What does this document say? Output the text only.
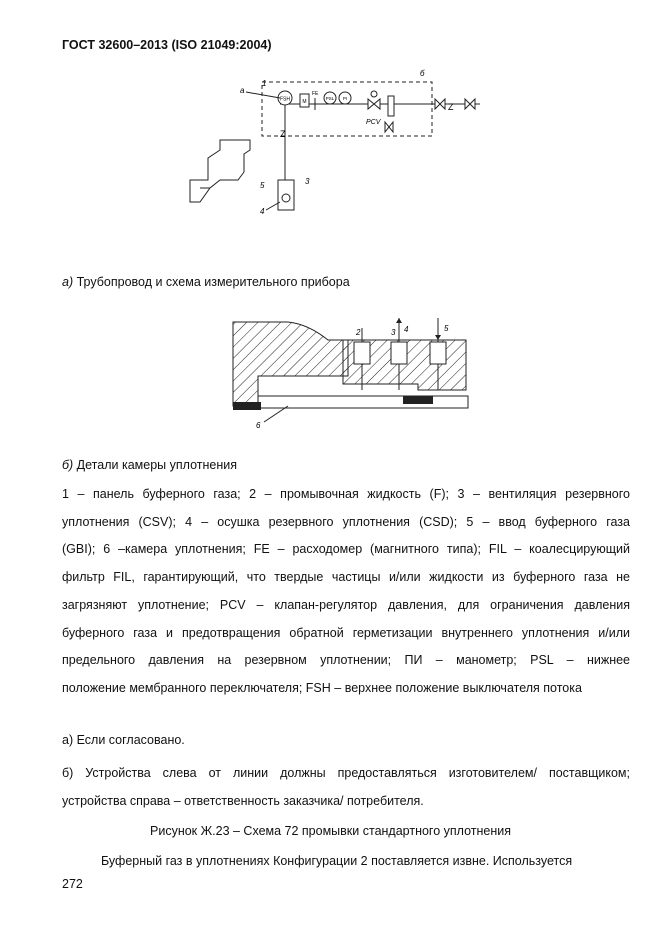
ГОСТ 32600–2013 (ISO 21049:2004)
FSH M
FE
PSL PI
PCV
Z
Z
а
1
б
3
5
4
а) Трубопровод и схема измерительного прибора
2	3 4	5
6
б) Детали камеры уплотнения
1 – панель буферного газа; 2 – промывочная жидкость (F); 3 – вентиляция резервного
уплотнения (CSV); 4 – осушка резервного уплотнения (CSD); 5 – ввод буферного газа
(GBI); 6 –камера уплотнения; FE – расходомер (магнитного типа); FIL – коалесцирующий
фильтр FIL, гарантирующий, что твердые частицы и/или жидкости из буферного газа не
загрязняют уплотнение; PCV – клапан-регулятор давления, для ограничения давления
буферного газа и предотвращения обратной герметизации внутреннего уплотнения и/или
предельного давления на резервном уплотнении; ПИ – манометр; PSL – нижнее
положение мембранного переключателя; FSH – верхнее положение выключателя потока
а) Если согласовано.
б) Устройства слева от линии должны предоставляться изготовителем/ поставщиком;
устройства справа – ответственность заказчика/ потребителя.
Рисунок Ж.23 – Схема 72 промывки стандартного уплотнения
Буферный газ в уплотнениях Конфигурации 2 поставляется извне. Используется
272
